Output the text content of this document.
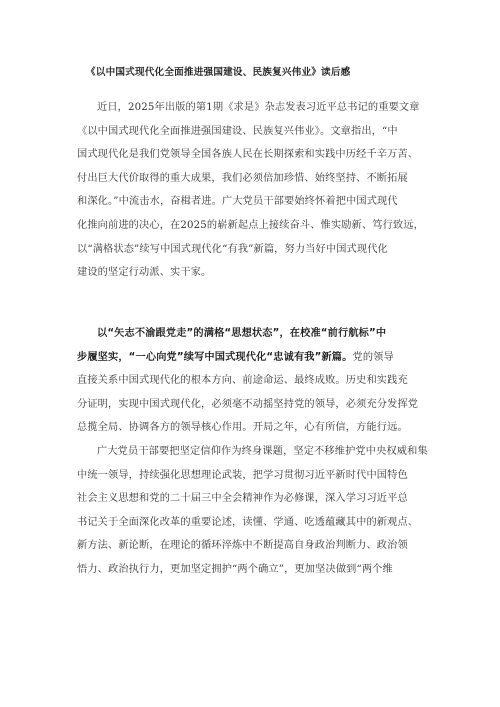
《以中国式现代化全面推进强国建设、民族复兴伟业》读后感
近日，2025年出版的第1期《求是》杂志发表习近平总书记的重要文章
《以中国式现代化全面推进强国建设、民族复兴伟业》。文章指出，“中
国式现代化是我们党领导全国各族人民在长期探索和实践中历经千辛万苦、
付出巨大代价取得的重大成果，我们必须倍加珍惜、始终坚持、不断拓展
和深化。”中流击水，奋楫者进。广大党员干部要始终怀着把中国式现代
化推向前进的决心，在2025的崭新起点上接续奋斗、惟实励新、笃行致远，
以“满格状态”续写中国式现代化“有我”新篇，努力当好中国式现代化
建设的坚定行动派、实干家。
以“矢志不渝跟党走”的满格“思想状态”，在校准“前行航标”中
步履坚实，“一心向党”续写中国式现代化“忠诚有我”新篇。党的领导
直接关系中国式现代化的根本方向、前途命运、最终成败。历史和实践充
分证明，实现中国式现代化，必须毫不动摇坚持党的领导，必须充分发挥党
总揽全局、协调各方的领导核心作用。开局之年，心有所信，方能行远。
广大党员干部要把坚定信仰作为终身课题，坚定不移维护党中央权威和集
中统一领导，持续强化思想理论武装，把学习贯彻习近平新时代中国特色
社会主义思想和党的二十届三中全会精神作为必修课，深入学习习近平总
书记关于全面深化改革的重要论述，读懂、学通、吃透蕴藏其中的新观点、
新方法、新论断，在理论的循环淬炼中不断提高自身政治判断力、政治领
悟力、政治执行力，更加坚定拥护“两个确立”，更加坚决做到“两个维
